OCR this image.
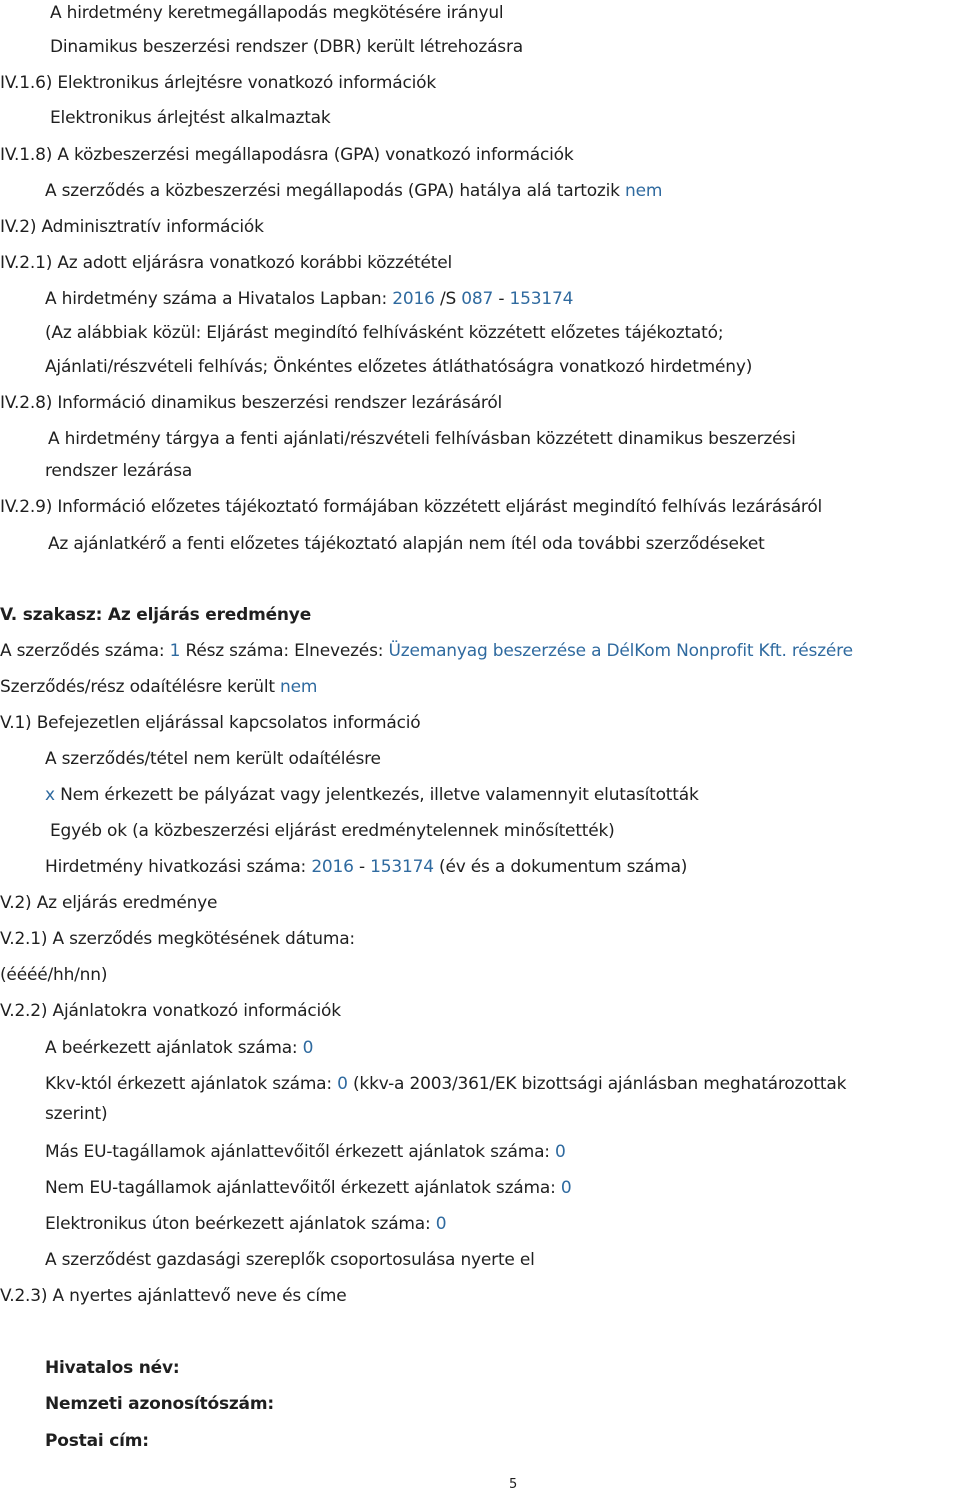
A hirdetmény keretmegállapodás megkötésére irányul
Dinamikus beszerzési rendszer (DBR) került létrehozásra
IV.1.6) Elektronikus árlejtésre vonatkozó információk
Elektronikus árlejtést alkalmaztak
IV.1.8) A közbeszerzési megállapodásra (GPA) vonatkozó információk
A szerződés a közbeszerzési megállapodás (GPA) hatálya alá tartozik nem
IV.2) Adminisztratív információk
IV.2.1) Az adott eljárásra vonatkozó korábbi közzététel
A hirdetmény száma a Hivatalos Lapban: 2016 /S 087 - 153174
(Az alábbiak közül: Eljárást megindító felhívásként közzétett előzetes tájékoztató;
Ajánlati/részvételi felhívás; Önkéntes előzetes átláthatóságra vonatkozó hirdetmény)
IV.2.8) Információ dinamikus beszerzési rendszer lezárásáról
A hirdetmény tárgya a fenti ajánlati/részvételi felhívásban közzétett dinamikus beszerzési
rendszer lezárása
IV.2.9) Információ előzetes tájékoztató formájában közzétett eljárást megindító felhívás lezárásáról
Az ajánlatkérő a fenti előzetes tájékoztató alapján nem ítél oda további szerződéseket
V. szakasz: Az eljárás eredménye
A szerződés száma: 1 Rész száma: Elnevezés: Üzemanyag beszerzése a DélKom Nonprofit Kft. részére
Szerződés/rész odaítélésre került nem
V.1) Befejezetlen eljárással kapcsolatos információ
A szerződés/tétel nem került odaítélésre
x Nem érkezett be pályázat vagy jelentkezés, illetve valamennyit elutasították
Egyéb ok (a közbeszerzési eljárást eredménytelennek minősítették)
Hirdetmény hivatkozási száma: 2016 - 153174 (év és a dokumentum száma)
V.2) Az eljárás eredménye
V.2.1) A szerződés megkötésének dátuma:
(éééé/hh/nn)
V.2.2) Ajánlatokra vonatkozó információk
A beérkezett ajánlatok száma: 0
Kkv-któl érkezett ajánlatok száma: 0 (kkv-a 2003/361/EK bizottsági ajánlásban meghatározottak
szerint)
Más EU-tagállamok ajánlattevőitől érkezett ajánlatok száma: 0
Nem EU-tagállamok ajánlattevőitől érkezett ajánlatok száma: 0
Elektronikus úton beérkezett ajánlatok száma: 0
A szerződést gazdasági szereplők csoportosulása nyerte el
V.2.3) A nyertes ajánlattevő neve és címe
Hivatalos név:
Nemzeti azonosítószám:
Postai cím:
5
